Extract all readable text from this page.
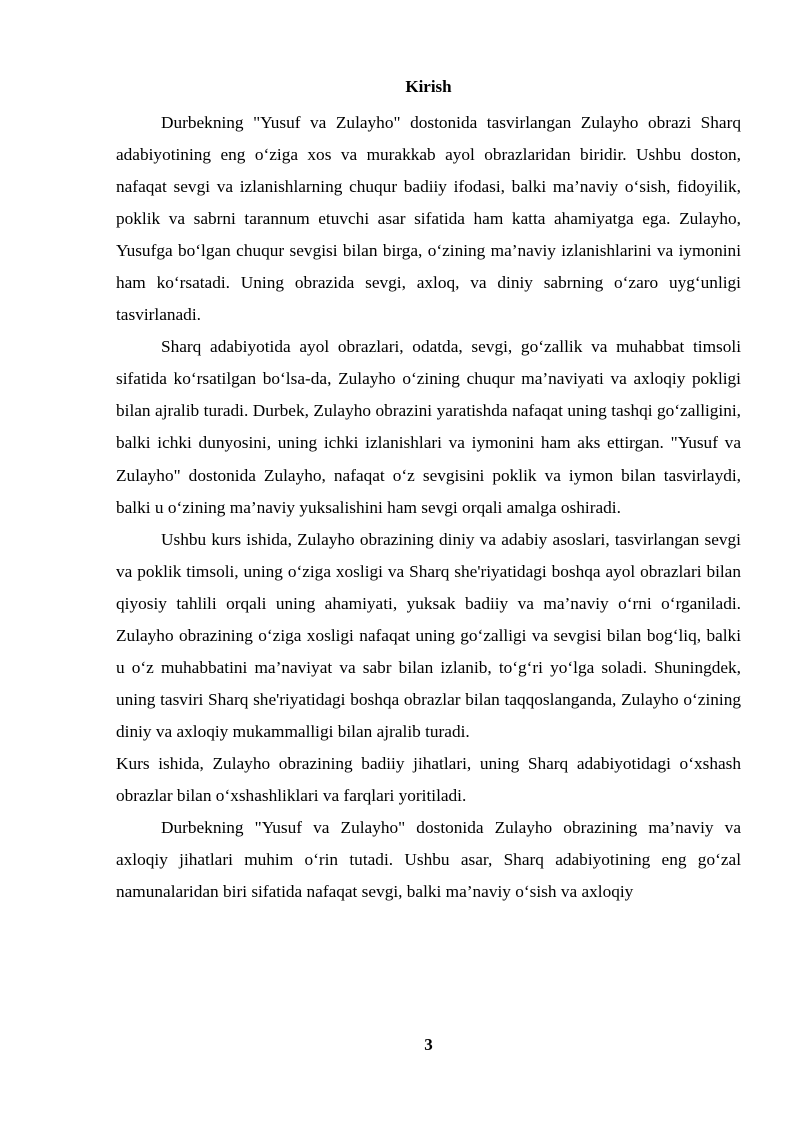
Kirish

Durbekning "Yusuf va Zulayho" dostonida tasvirlangan Zulayho obrazi Sharq adabiyotining eng o‘ziga xos va murakkab ayol obrazlaridan biridir. Ushbu doston, nafaqat sevgi va izlanishlarning chuqur badiiy ifodasi, balki ma’naviy o‘sish, fidoyilik, poklik va sabrni tarannum etuvchi asar sifatida ham katta ahamiyatga ega. Zulayho, Yusufga bo‘lgan chuqur sevgisi bilan birga, o‘zining ma’naviy izlanishlarini va iymonini ham ko‘rsatadi. Uning obrazida sevgi, axloq, va diniy sabrning o‘zaro uyg‘unligi tasvirlanadi.

Sharq adabiyotida ayol obrazlari, odatda, sevgi, go‘zallik va muhabbat timsoli sifatida ko‘rsatilgan bo‘lsa-da, Zulayho o‘zining chuqur ma’naviyati va axloqiy pokligi bilan ajralib turadi. Durbek, Zulayho obrazini yaratishda nafaqat uning tashqi go‘zalligini, balki ichki dunyosini, uning ichki izlanishlari va iymonini ham aks ettirgan. "Yusuf va Zulayho" dostonida Zulayho, nafaqat o‘z sevgisini poklik va iymon bilan tasvirlaydi, balki u o‘zining ma’naviy yuksalishini ham sevgi orqali amalga oshiradi.

Ushbu kurs ishida, Zulayho obrazining diniy va adabiy asoslari, tasvirlangan sevgi va poklik timsoli, uning o‘ziga xosligi va Sharq she'riyatidagi boshqa ayol obrazlari bilan qiyosiy tahlili orqali uning ahamiyati, yuksak badiiy va ma’naviy o‘rni o‘rganiladi. Zulayho obrazining o‘ziga xosligi nafaqat uning go‘zalligi va sevgisi bilan bog‘liq, balki u o‘z muhabbatini ma’naviyat va sabr bilan izlanib, to‘g‘ri yo‘lga soladi. Shuningdek, uning tasviri Sharq she'riyatidagi boshqa obrazlar bilan taqqoslanganda, Zulayho o‘zining diniy va axloqiy mukammalligi bilan ajralib turadi.

Kurs ishida, Zulayho obrazining badiiy jihatlari, uning Sharq adabiyotidagi o‘xshash obrazlar bilan o‘xshashliklari va farqlari yoritiladi.

Durbekning "Yusuf va Zulayho" dostonida Zulayho obrazining ma’naviy va axloqiy jihatlari muhim o‘rin tutadi. Ushbu asar, Sharq adabiyotining eng go‘zal namunalaridan biri sifatida nafaqat sevgi, balki ma’naviy o‘sish va axloqiy

3
